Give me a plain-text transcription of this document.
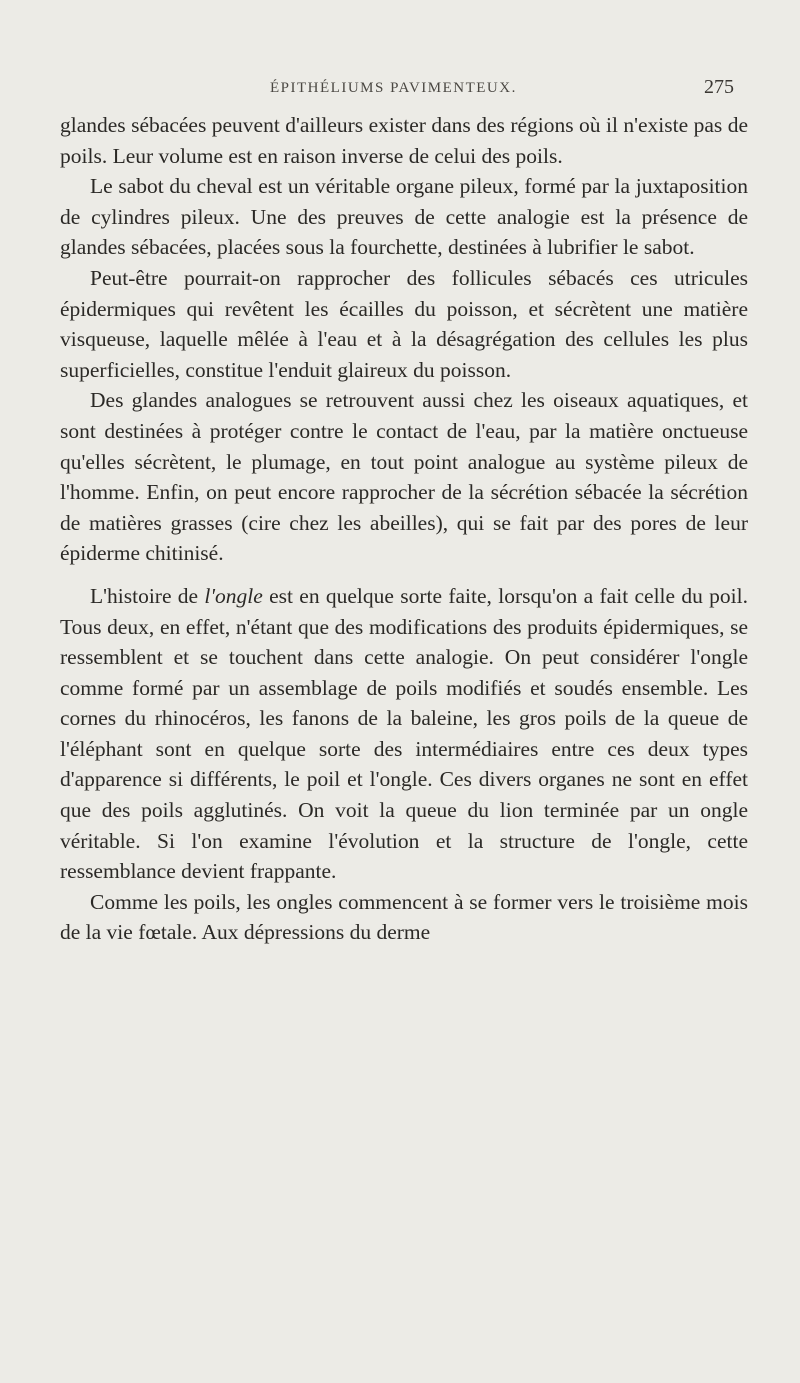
ÉPITHÉLIUMS PAVIMENTEUX.	275

glandes sébacées peuvent d'ailleurs exister dans des régions où il n'existe pas de poils. Leur volume est en raison inverse de celui des poils.

Le sabot du cheval est un véritable organe pileux, formé par la juxtaposition de cylindres pileux. Une des preuves de cette analogie est la présence de glandes sébacées, placées sous la fourchette, destinées à lubrifier le sabot.

Peut-être pourrait-on rapprocher des follicules sébacés ces utricules épidermiques qui revêtent les écailles du poisson, et sécrètent une matière visqueuse, laquelle mêlée à l'eau et à la désagrégation des cellules les plus superficielles, constitue l'enduit glaireux du poisson.

Des glandes analogues se retrouvent aussi chez les oiseaux aquatiques, et sont destinées à protéger contre le contact de l'eau, par la matière onctueuse qu'elles sécrètent, le plumage, en tout point analogue au système pileux de l'homme. Enfin, on peut encore rapprocher de la sécrétion sébacée la sécrétion de matières grasses (cire chez les abeilles), qui se fait par des pores de leur épiderme chitinisé.

L'histoire de l'ongle est en quelque sorte faite, lorsqu'on a fait celle du poil. Tous deux, en effet, n'étant que des modifications des produits épidermiques, se ressemblent et se touchent dans cette analogie. On peut considérer l'ongle comme formé par un assemblage de poils modifiés et soudés ensemble. Les cornes du rhinocéros, les fanons de la baleine, les gros poils de la queue de l'éléphant sont en quelque sorte des intermédiaires entre ces deux types d'apparence si différents, le poil et l'ongle. Ces divers organes ne sont en effet que des poils agglutinés. On voit la queue du lion terminée par un ongle véritable. Si l'on examine l'évolution et la structure de l'ongle, cette ressemblance devient frappante.

Comme les poils, les ongles commencent à se former vers le troisième mois de la vie fœtale. Aux dépressions du derme
